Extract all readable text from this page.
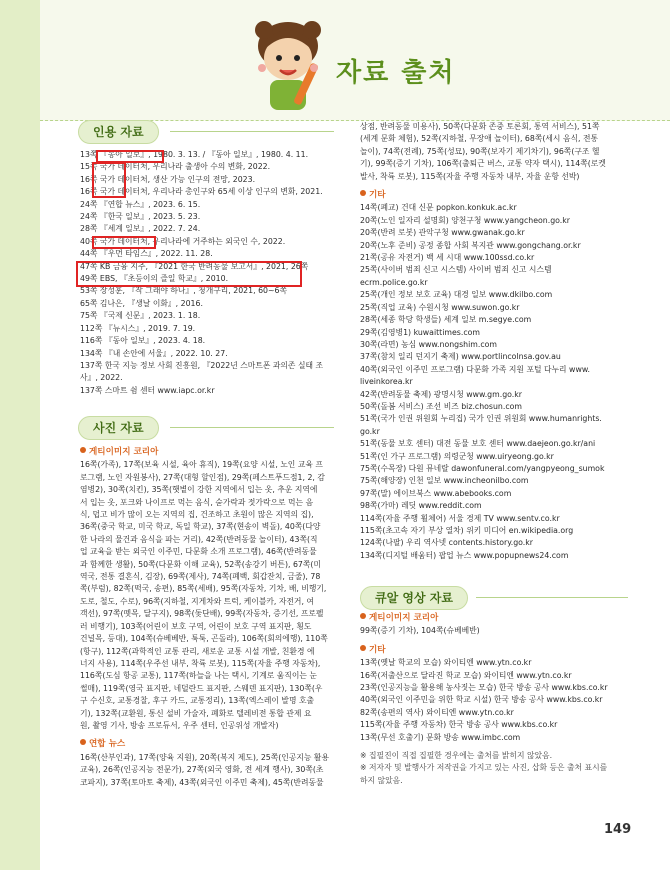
자료 출처
인용 자료

13쪽 『동아 일보』, 1980. 3. 13. / 『동아 일보』, 1980. 4. 11.

15쪽 국가 데이터처, 우리나라 출생아 수의 변화, 2022.

16쪽 국가 데이터처, 생산 가능 인구의 전망, 2023.

16쪽 국가 데이터처, 우리나라 총인구와 65세 이상 인구의 변화, 2021.

24쪽 『연합 뉴스』, 2023. 6. 15.

24쪽 『한국 일보』, 2023. 5. 23.

28쪽 『세계 일보』, 2022. 7. 24.

40쪽 국가 데이터처, 우리나라에 거주하는 외국인 수, 2022.

44쪽 『우먼 타임스』, 2022. 11. 28.

47쪽 KB 금융 지주, 『2021 한국 반려동물 보고서』, 2021, 26쪽

49쪽 EBS, 『초등이의 즐일 학교』, 2010.

53쪽 장성훈, 『작 그래야 하나』, 청개구리, 2021, 60~6쪽

65쪽 김나은, 『생날 이화』, 2016.

75쪽 『국제 신문』, 2023. 1. 18.

112쪽 『뉴시스』, 2019. 7. 19.

116쪽 『동아 일보』, 2023. 4. 18.

134쪽 『내 손안에 서울』, 2022. 10. 27.

137쪽 한국 지능 정보 사회 진흥원, 『2022년 스마트폰 과의존 실태 조

사』, 2022.

137쪽 스마트 쉼 센터 www.iapc.or.kr

사진 자료

게티이미지 코리아

16쪽(가족), 17쪽(보육 시설, 육아 휴직), 19쪽(요양 시설, 노인 교육 프

로그램, 노인 자원봉사), 27쪽(대형 할인점), 29쪽(페스트푸드점1, 2, 감

염병2), 30쪽(치킨), 35쪽(햇볕이 강한 지역에서 입는 옷, 추운 지역에

서 입는 옷, 포크와 나이프로 먹는 음식, 숟가락과 젓가락으로 먹는 음

식, 덥고 비가 많이 오는 지역의 집, 건조하고 초원이 많은 지역의 집),

36쪽(중국 학교, 미국 학교, 독일 학교), 37쪽(현송이 벽돌), 40쪽(다양

한 나라의 물건과 음식을 파는 거리), 42쪽(반려동물 놀이터), 43쪽(직

업 교육을 받는 외국인 이주민, 다문화 소개 프로그램), 46쪽(반려동물

과 함께한 생활), 50쪽(다문화 이해 교육), 52쪽(송강기 버튼), 67쪽(미

역국, 전통 결혼식, 김장), 69쪽(제사), 74쪽(폐백, 회갑잔치, 금줄), 78

쪽(부럼), 82쪽(떡국, 송편), 85쪽(세배), 95쪽(자동차, 기차, 배, 비행기,

도로, 철도, 수로), 96쪽(지하철, 지게차와 트럭, 케이블카, 자전거, 여

객선), 97쪽(뗏목, 달구지), 98쪽(돛단배), 99쪽(자동차, 증기선, 프로펠

러 비행기), 103쪽(어린이 보호 구역, 어린이 보호 구역 표지판, 횡도

건널목, 등대), 104쪽(슈베베반, 툭툭, 곤돌라), 106쪽(회의에행), 110쪽

(항구), 112쪽(과학적인 교통 관리, 새로운 교통 시설 개발, 친환경 에

너지 사용), 114쪽(우주선 내부, 착륙 로봇), 115쪽(자율 주행 자동차),

116쪽(도심 항공 교통), 117쪽(하늘을 나는 택시, 기계로 움직이는 눈

썰매), 119쪽(영국 표지판, 네덜란드 표지판, 스웨덴 표지판), 130쪽(우

구 수신호, 교통경찰, 후구 카드, 교통정리), 13쪽(엑스레이 발명 호출

기), 132쪽(교환원, 통신 설비 가술자, 폐화로 텔레비전 통합 관제 요

원, 촬영 기사, 방송 프로듀서, 우주 센터, 인공위성 개발자)

연합 뉴스

16쪽(산부인과), 17쪽(양육 지원), 20쪽(복지 제도), 25쪽(인공지능 활용

교육), 26쪽(인공지능 전문가), 27쪽(외국 영화, 전 세계 행사), 30쪽(초

코파지), 37쪽(토마토 축제), 43쪽(외국인 이주민 축제), 45쪽(반려동물

상점, 반려동물 미용사), 50쪽(다문화 존중 토론회, 통역 서비스), 51쪽

(세계 문화 체험), 52쪽(지하철, 무장애 놀이터), 68쪽(세시 음식, 전통

놀이), 74쪽(전례), 75쪽(성묘), 90쪽(보자기 제기차기), 96쪽(구조 헬

기), 99쪽(증기 기차), 106쪽(출퇴근 버스, 교통 약자 택시), 114쪽(로켓

발사, 착륙 로봇), 115쪽(자율 주행 자동차 내부, 자율 운항 선박)

기타

14쪽(폐교) 건대 신문 popkon.konkuk.ac.kr

20쪽(노인 일자리 설명회) 양천구청 www.yangcheon.go.kr

20쪽(반려 로봇) 관악구청 www.gwanak.go.kr

20쪽(노후 준비) 공정 종합 사회 복지관 www.gongchang.or.kr

21쪽(공유 자전거) 백 세 시대 www.100ssd.co.kr

25쪽(사이버 범죄 신고 시스템) 사이버 범죄 신고 시스템

ecrm.police.go.kr

25쪽(개인 정보 보호 교육) 대경 일보 www.dkilbo.com

25쪽(직업 교육) 수원시청 www.suwon.go.kr

28쪽(세종 학당 학생들) 세계 일보 m.segye.com

29쪽(김영병1) kuwaittimes.com

30쪽(라면) 농심 www.nongshim.com

37쪽(참치 일리 던지기 축제) www.portlincolnsa.gov.au

40쪽(외국인 이주민 프로그램) 다문화 가족 지원 포털 다누리 www.

liveinkorea.kr

42쪽(반려동물 축제) 광명시청 www.gm.go.kr

50쪽(돌봄 서비스) 조선 비즈 biz.chosun.com

51쪽(국가 인권 위원회 누리집) 국가 인권 위원회 www.humanrights.

go.kr

51쪽(동물 보호 센터) 대전 동물 보호 센터 www.daejeon.go.kr/ani

51쪽(인 가구 프로그램) 의령군청 www.uiryeong.go.kr

75쪽(수목장) 다원 뮤네랄 dawonfuneral.com/yangpyeong_sumok

75쪽(해양장) 인천 일보 www.incheonilbo.com

97쪽(말) 에이브북스 www.abebooks.com

98쪽(가마) 레딧 www.reddit.com

114쪽(자율 주행 휠체어) 서울 경제 TV www.sentv.co.kr

115쪽(초고속 자기 부상 열차) 위키 미디어 en.wikipedia.org

124쪽(나팔) 우리 역사넷 contents.history.go.kr

134쪽(디지털 배움터) 팝업 뉴스 www.popupnews24.com

큐알 영상 자료

게티이미지 코리아

99쪽(증기 기차), 104쪽(슈베베반)

기타

13쪽(옛날 학교의 모습) 와이티엔 www.ytn.co.kr

16쪽(저출산으로 달라진 학교 모습) 와이티엔 www.ytn.co.kr

23쪽(인공지능을 활용해 농사짓는 모습) 한국 방송 공사 www.kbs.co.kr

40쪽(외국인 이주민을 위한 학교 시설) 한국 방송 공사 www.kbs.co.kr

82쪽(송편의 역사) 와이티엔 www.ytn.co.kr

115쪽(자율 주행 자동차) 한국 방송 공사 www.kbs.co.kr

13쪽(무선 호출기) 문화 방송 www.imbc.com

※ 집필진이 직접 집필한 경우에는 출처를 밝히지 않았음.

※ 저자자 및 발행사가 저작권을 가지고 있는 사진, 삽화 등은 출처 표시를

하지 않았음.

149
